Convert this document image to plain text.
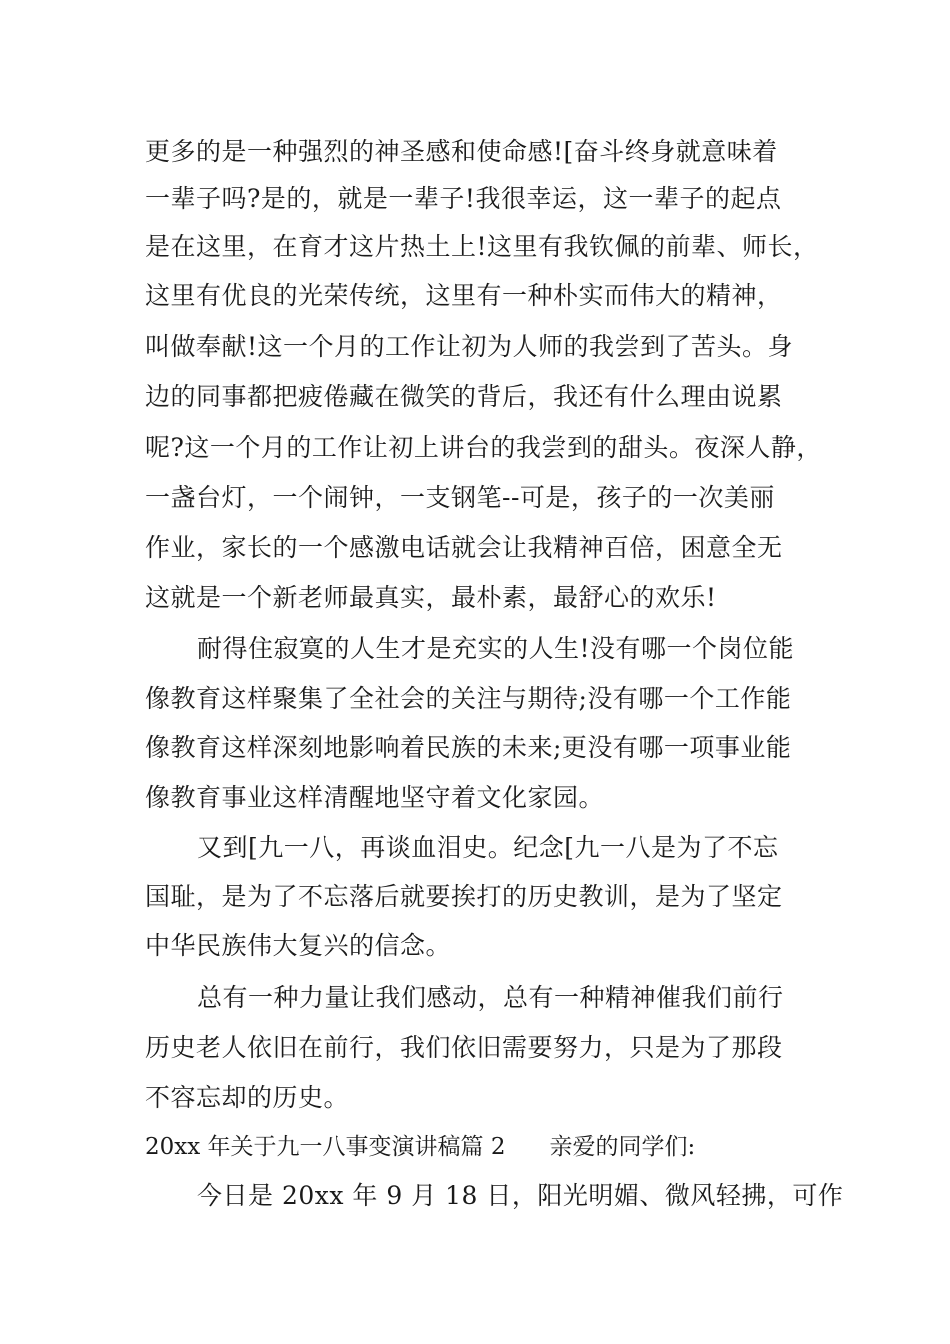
更多的是一种强烈的神圣感和使命感![奋斗终身就意味着
一辈子吗?是的，就是一辈子!我很幸运，这一辈子的起点
是在这里，在育才这片热土上!这里有我钦佩的前辈、师长，
这里有优良的光荣传统，这里有一种朴实而伟大的精神，
叫做奉献!这一个月的工作让初为人师的我尝到了苦头。身
边的同事都把疲倦藏在微笑的背后，我还有什么理由说累
呢?这一个月的工作让初上讲台的我尝到的甜头。夜深人静，
一盏台灯，一个闹钟，一支钢笔--可是，孩子的一次美丽
作业，家长的一个感激电话就会让我精神百倍，困意全无
这就是一个新老师最真实，最朴素，最舒心的欢乐!
耐得住寂寞的人生才是充实的人生!没有哪一个岗位能
像教育这样聚集了全社会的关注与期待;没有哪一个工作能
像教育这样深刻地影响着民族的未来;更没有哪一项事业能
像教育事业这样清醒地坚守着文化家园。
又到[九一八，再谈血泪史。纪念[九一八是为了不忘
国耻，是为了不忘落后就要挨打的历史教训，是为了坚定
中华民族伟大复兴的信念。
总有一种力量让我们感动，总有一种精神催我们前行
历史老人依旧在前行，我们依旧需要努力，只是为了那段
不容忘却的历史。
20xx 年关于九一八事变演讲稿篇 2 亲爱的同学们:
今日是 20xx 年 9 月 18 日，阳光明媚、微风轻拂，可作
